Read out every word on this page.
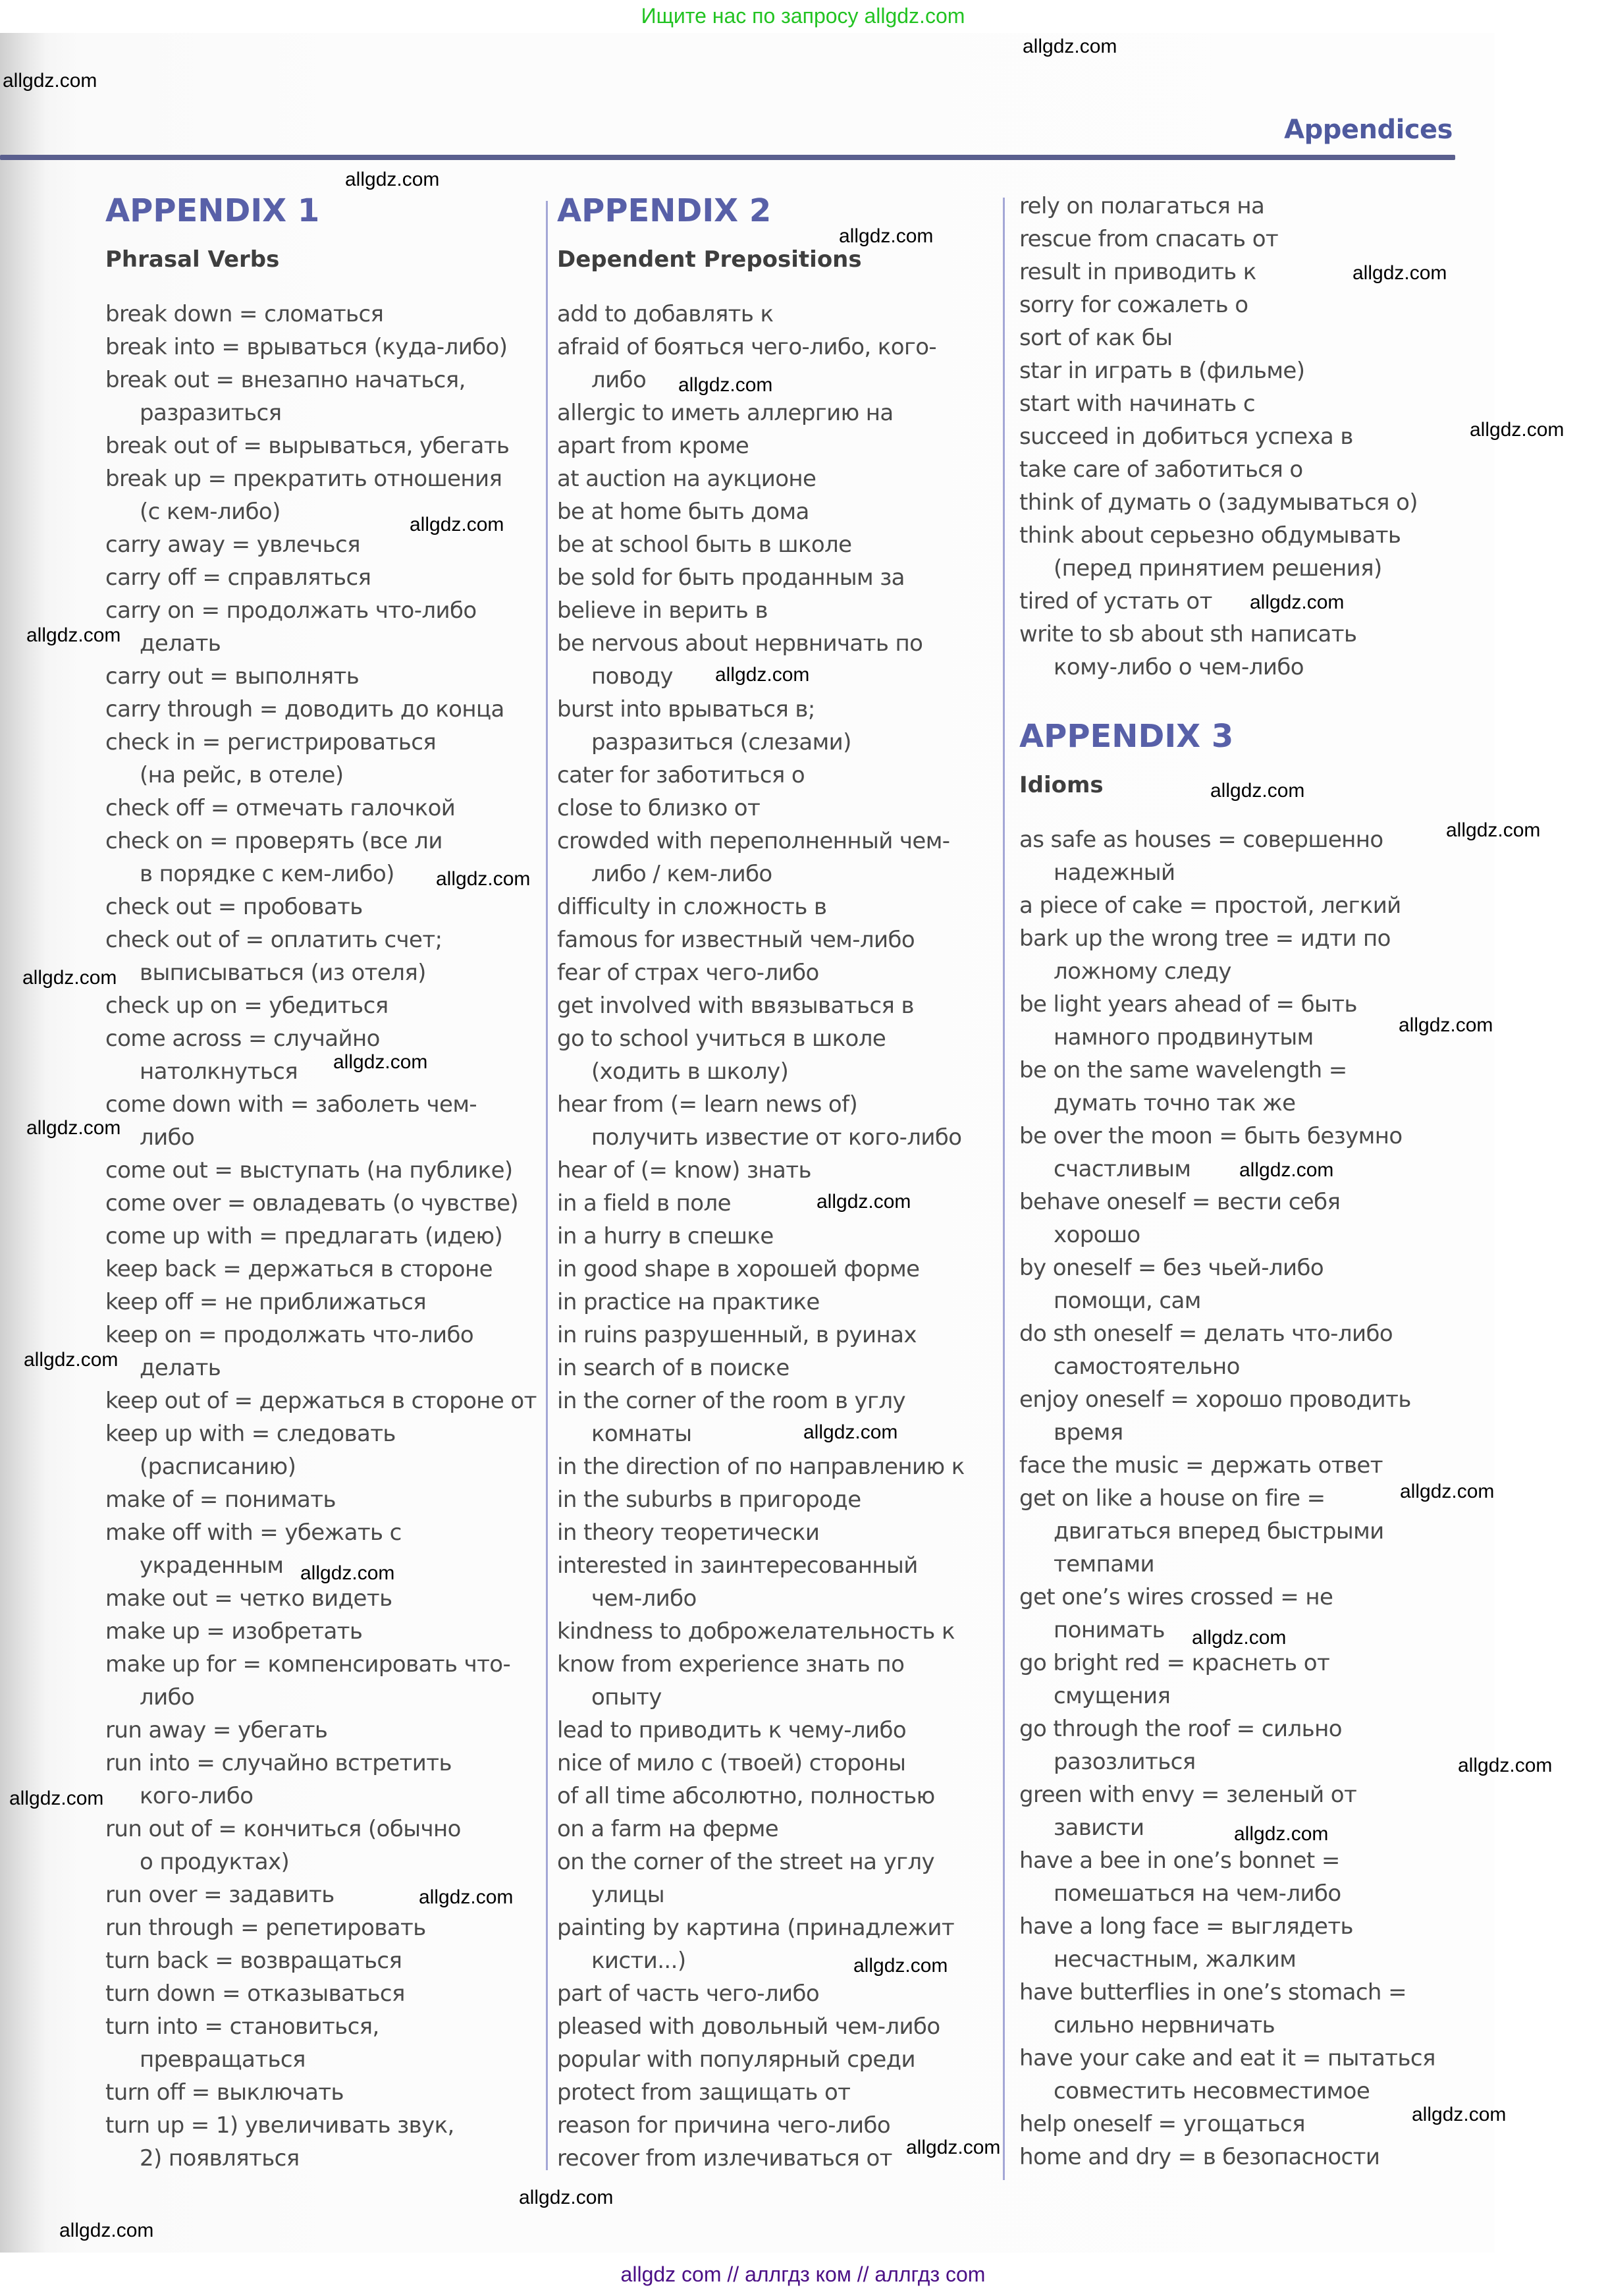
Ищите нас по запросу allgdz.com
Appendices
APPENDIX 1
Phrasal Verbs
break down = сломаться
break into = врываться (куда-либо)
break out = внезапно начаться,
разразиться
break out of = вырываться, убегать
break up = прекратить отношения
(с кем-либо)
carry away = увлечься
carry off = справляться
carry on = продолжать что-либо
делать
carry out = выполнять
carry through = доводить до конца
check in = регистрироваться
(на рейс, в отеле)
check off = отмечать галочкой
check on = проверять (все ли
в порядке с кем-либо)
check out = пробовать
check out of = оплатить счет;
выписываться (из отеля)
check up on = убедиться
come across = случайно
натолкнуться
come down with = заболеть чем-
либо
come out = выступать (на публике)
come over = овладевать (о чувстве)
come up with = предлагать (идею)
keep back = держаться в стороне
keep off = не приближаться
keep on = продолжать что-либо
делать
keep out of = держаться в стороне от
keep up with = следовать
(расписанию)
make of = понимать
make off with = убежать с
украденным
make out = четко видеть
make up = изобретать
make up for = компенсировать что-
либо
run away = убегать
run into = случайно встретить
кого-либо
run out of = кончиться (обычно
о продуктах)
run over = задавить
run through = репетировать
turn back = возвращаться
turn down = отказываться
turn into = становиться,
превращаться
turn off = выключать
turn up = 1) увеличивать звук,
2) появляться
APPENDIX 2
Dependent Prepositions
add to добавлять к
afraid of бояться чего-либо, кого-
либо
allergic to иметь аллергию на
apart from кроме
at auction на аукционе
be at home быть дома
be at school быть в школе
be sold for быть проданным за
believe in верить в
be nervous about нервничать по
поводу
burst into врываться в;
разразиться (слезами)
cater for заботиться о
close to близко от
crowded with переполненный чем-
либо / кем-либо
difficulty in сложность в
famous for известный чем-либо
fear of страх чего-либо
get involved with ввязываться в
go to school учиться в школе
(ходить в школу)
hear from (= learn news of)
получить известие от кого-либо
hear of (= know) знать
in a field в поле
in a hurry в спешке
in good shape в хорошей форме
in practice на практике
in ruins разрушенный, в руинах
in search of в поиске
in the corner of the room в углу
комнаты
in the direction of по направлению к
in the suburbs в пригороде
in theory теоретически
interested in заинтересованный
чем-либо
kindness to доброжелательность к
know from experience знать по
опыту
lead to приводить к чему-либо
nice of мило с (твоей) стороны
of all time абсолютно, полностью
on a farm на ферме
on the corner of the street на углу
улицы
painting by картина (принадлежит
кисти...)
part of часть чего-либо
pleased with довольный чем-либо
popular with популярный среди
protect from защищать от
reason for причина чего-либо
recover from излечиваться от
rely on полагаться на
rescue from спасать от
result in приводить к
sorry for сожалеть о
sort of как бы
star in играть в (фильме)
start with начинать с
succeed in добиться успеха в
take care of заботиться о
think of думать о (задумываться о)
think about серьезно обдумывать
(перед принятием решения)
tired of устать от
write to sb about sth написать
кому-либо о чем-либо
APPENDIX 3
Idioms
as safe as houses = совершенно
надежный
a piece of cake = простой, легкий
bark up the wrong tree = идти по
ложному следу
be light years ahead of = быть
намного продвинутым
be on the same wavelength =
думать точно так же
be over the moon = быть безумно
счастливым
behave oneself = вести себя
хорошо
by oneself = без чьей-либо
помощи, сам
do sth oneself = делать что-либо
самостоятельно
enjoy oneself = хорошо проводить
время
face the music = держать ответ
get on like a house on fire =
двигаться вперед быстрыми
темпами
get one’s wires crossed = не
понимать
go bright red = краснеть от
смущения
go through the roof = сильно
разозлиться
green with envy = зеленый от
зависти
have a bee in one’s bonnet =
помешаться на чем-либо
have a long face = выглядеть
несчастным, жалким
have butterflies in one’s stomach =
сильно нервничать
have your cake and eat it = пытаться
совместить несовместимое
help oneself = угощаться
home and dry = в безопасности
allgdz.com
allgdz.com
allgdz.com
allgdz.com
allgdz.com
allgdz.com
allgdz.com
allgdz.com
allgdz.com
allgdz.com
allgdz.com
allgdz.com
allgdz.com
allgdz.com
allgdz.com
allgdz.com
allgdz.com
allgdz.com
allgdz.com
allgdz.com
allgdz.com
allgdz.com
allgdz.com
allgdz.com
allgdz.com
allgdz.com
allgdz.com
allgdz.com
allgdz.com
allgdz.com
allgdz.com
allgdz.com
allgdz.com
allgdz.com
allgdz com // аллгдз ком // аллгдз com
